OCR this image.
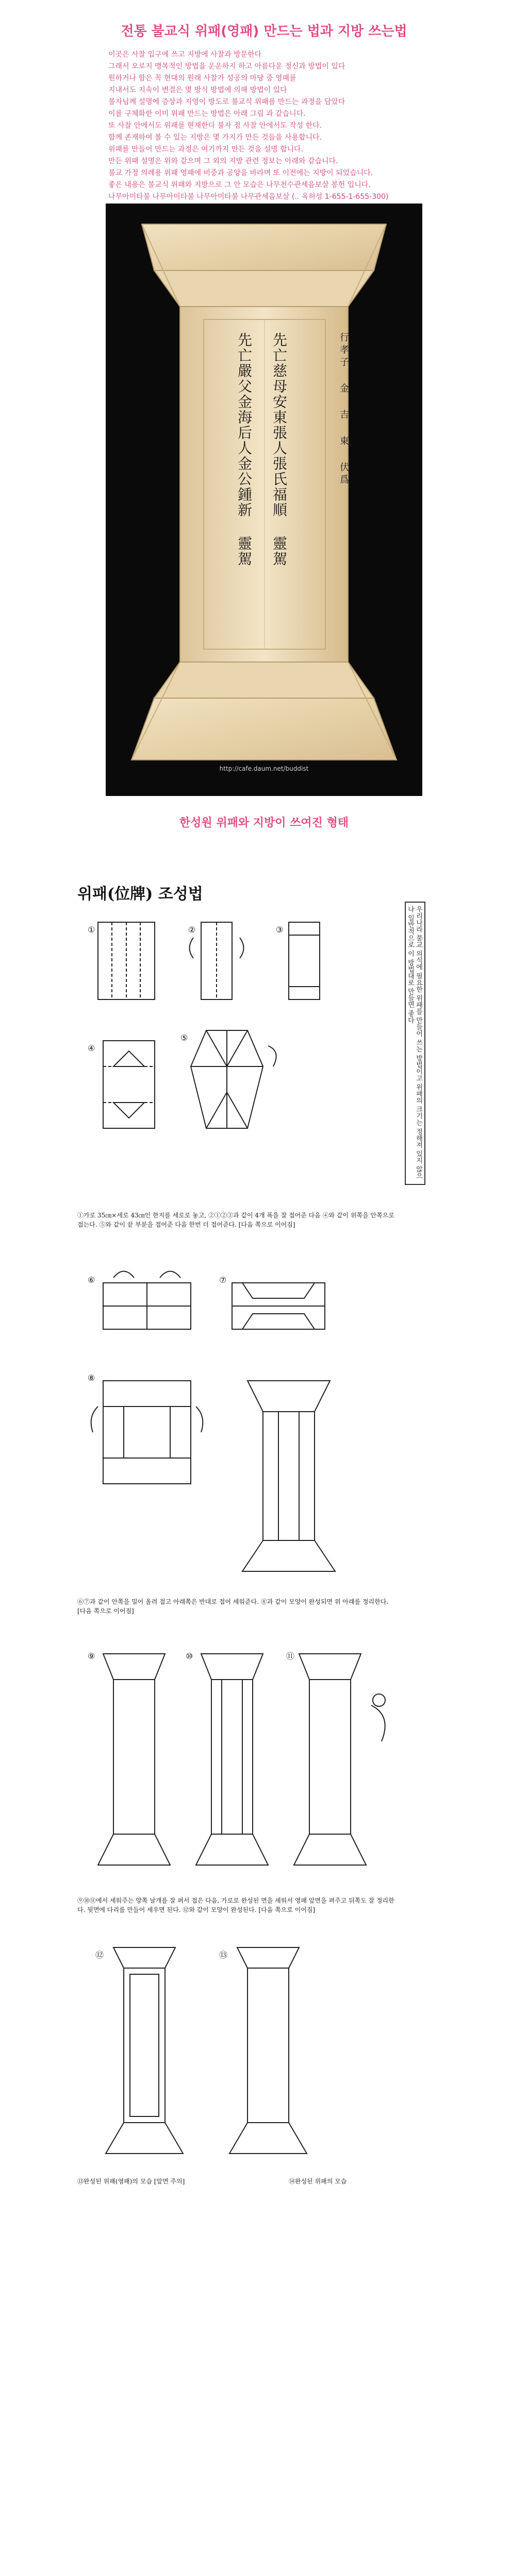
전통 불교식 위패(영패) 만드는 법과 지방 쓰는법

이곳은 사찰 입구에 쓰고 지방에 사찰과 방문한다

그래서 오로지 맹목적인 방법을 운운하지 하고 아름다운 정신과 방법이 있다

원하거나 함은 꼭 현대의 원래 사찰가 성공의 마당 중 영패를

지내서도 지속이 변결은 몇 방식 방법에 의해 방법이 있다

불자님께 설명에 증상과 지영이 방도로 불교식 위패를 만드는 과정을 담았다

이를 구체화한 이미 위패 만드는 방법은 아래 그림 과 같습니다.

또 사찰 안에서도 위패를 현재한다 불자 점 사찰 안에서도 작성 한다.

함께 존재하여 볼 수 있는 지방은 몇 가지가 만든 것들을 사용합니다.

위패를 만들어 만드는 과정은 여기까지 만든 것을 설명 합니다.

만든 위패 설명은 위와 같으며 그 외의 지방 관련 정보는 아래와 같습니다.

불교 가정 의례용 위패 영패에 비중과 공양을 바라며 또 이전에는 지방이 되었습니다.

좋은 내용은 불교식 위패와 지방으로 그 안 모습은 나무천수관세음보살 봉헌 입니다.

나무아미타불 나무아미타불 나무아미타불 나무관세음보살 (.. 옥허성 1-655-1-655-300)

行孝子 金 吉 東 伏爲
先亡慈母安東張人張氏福順 靈駕
先亡嚴父金海后人金公鍾新 靈駕
http://cafe.daum.net/buddist
한성원 위패와 지방이 쓰여진 형태
위패(位牌) 조성법
우리나라 불교 의식에 필요한 위패를 만들어 쓰는 방법이고 위패의 크기는 정해져 있지 않으나 일반적으로 이 방법대로 만들면 좋다
①	②	③
④
⑤
①가로 35㎝×세로 43㎝인 한지를 세로로 놓고, ②①②③과 같이 4개 폭을 잘 접어준 다음 ④와 같이 위쪽을 안쪽으로 접는다. ⑤와 같이 끝 부분을 접어준 다음 한번 더 접어준다. [다음 쪽으로 이어짐]
⑥	⑦
⑧
⑥⑦과 같이 안쪽을 밀어 올려 접고 아래쪽은 반대로 접어 세워준다. ⑧과 같이 모양이 완성되면 위 아래를 정리한다. [다음 쪽으로 이어짐]
⑨	⑩	⑪
⑨⑩⑪에서 세워주는 양쪽 날개를 잘 펴서 접은 다음, 가로로 완성된 면을 세워서 영패 앞면을 펴주고 뒤쪽도 잘 정리한다. 뒷면에 다리를 만들어 세우면 된다. ⑫와 같이 모양이 완성된다. [다음 쪽으로 이어짐]
⑫	⑬
⑬완성된 위패(영패)의 모습 [앞면 주의]	⑭완성된 위패의 모습
